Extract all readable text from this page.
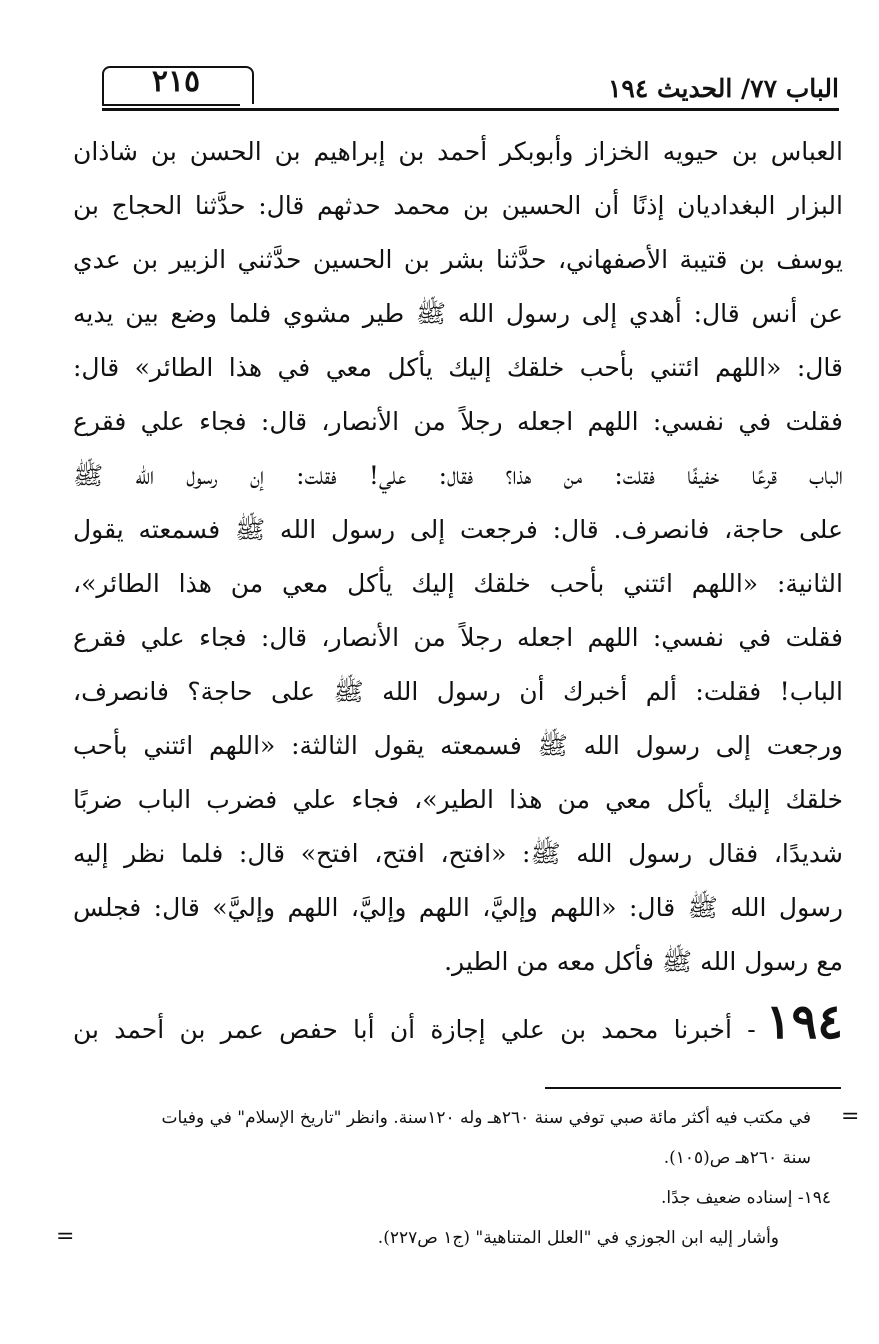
الباب ٧٧/ الحديث ١٩٤
٢١٥
العباس بن حيويه الخزاز وأبوبكر أحمد بن إبراهيم بن الحسن بن شاذان
البزار البغداديان إذنًا أن الحسين بن محمد حدثهم قال: حدَّثنا الحجاج بن
يوسف بن قتيبة الأصفهاني، حدَّثنا بشر بن الحسين حدَّثني الزبير بن عدي
عن أنس قال: أهدي إلى رسول الله ﷺ طير مشوي فلما وضع بين يديه
قال: «اللهم ائتني بأحب خلقك إليك يأكل معي في هذا الطائر» قال:
فقلت في نفسي: اللهم اجعله رجلاً من الأنصار، قال: فجاء علي فقرع
الباب قرعًا خفيفًا فقلت: من هذا؟ فقال: علي! فقلت: إن رسول الله ﷺ
على حاجة، فانصرف. قال: فرجعت إلى رسول الله ﷺ فسمعته يقول
الثانية: «اللهم ائتني بأحب خلقك إليك يأكل معي من هذا الطائر»،
فقلت في نفسي: اللهم اجعله رجلاً من الأنصار، قال: فجاء علي فقرع
الباب! فقلت: ألم أخبرك أن رسول الله ﷺ على حاجة؟ فانصرف،
ورجعت إلى رسول الله ﷺ فسمعته يقول الثالثة: «اللهم ائتني بأحب
خلقك إليك يأكل معي من هذا الطير»، فجاء علي فضرب الباب ضربًا
شديدًا، فقال رسول الله ﷺ: «افتح، افتح، افتح» قال: فلما نظر إليه
رسول الله ﷺ قال: «اللهم وإليَّ، اللهم وإليَّ، اللهم وإليَّ» قال: فجلس
مع رسول الله ﷺ فأكل معه من الطير.
١٩٤- أخبرنا محمد بن علي إجازة أن أبا حفص عمر بن أحمد بن
=
في مكتب فيه أكثر مائة صبي توفي سنة ٢٦٠هـ وله ١٢٠سنة. وانظر "تاريخ الإسلام" في وفيات
سنة ٢٦٠هـ ص(١٠٥).
١٩٤- إسناده ضعيف جدًا.
وأشار إليه ابن الجوزي في "العلل المتناهية" (ج١ ص٢٢٧).
=
